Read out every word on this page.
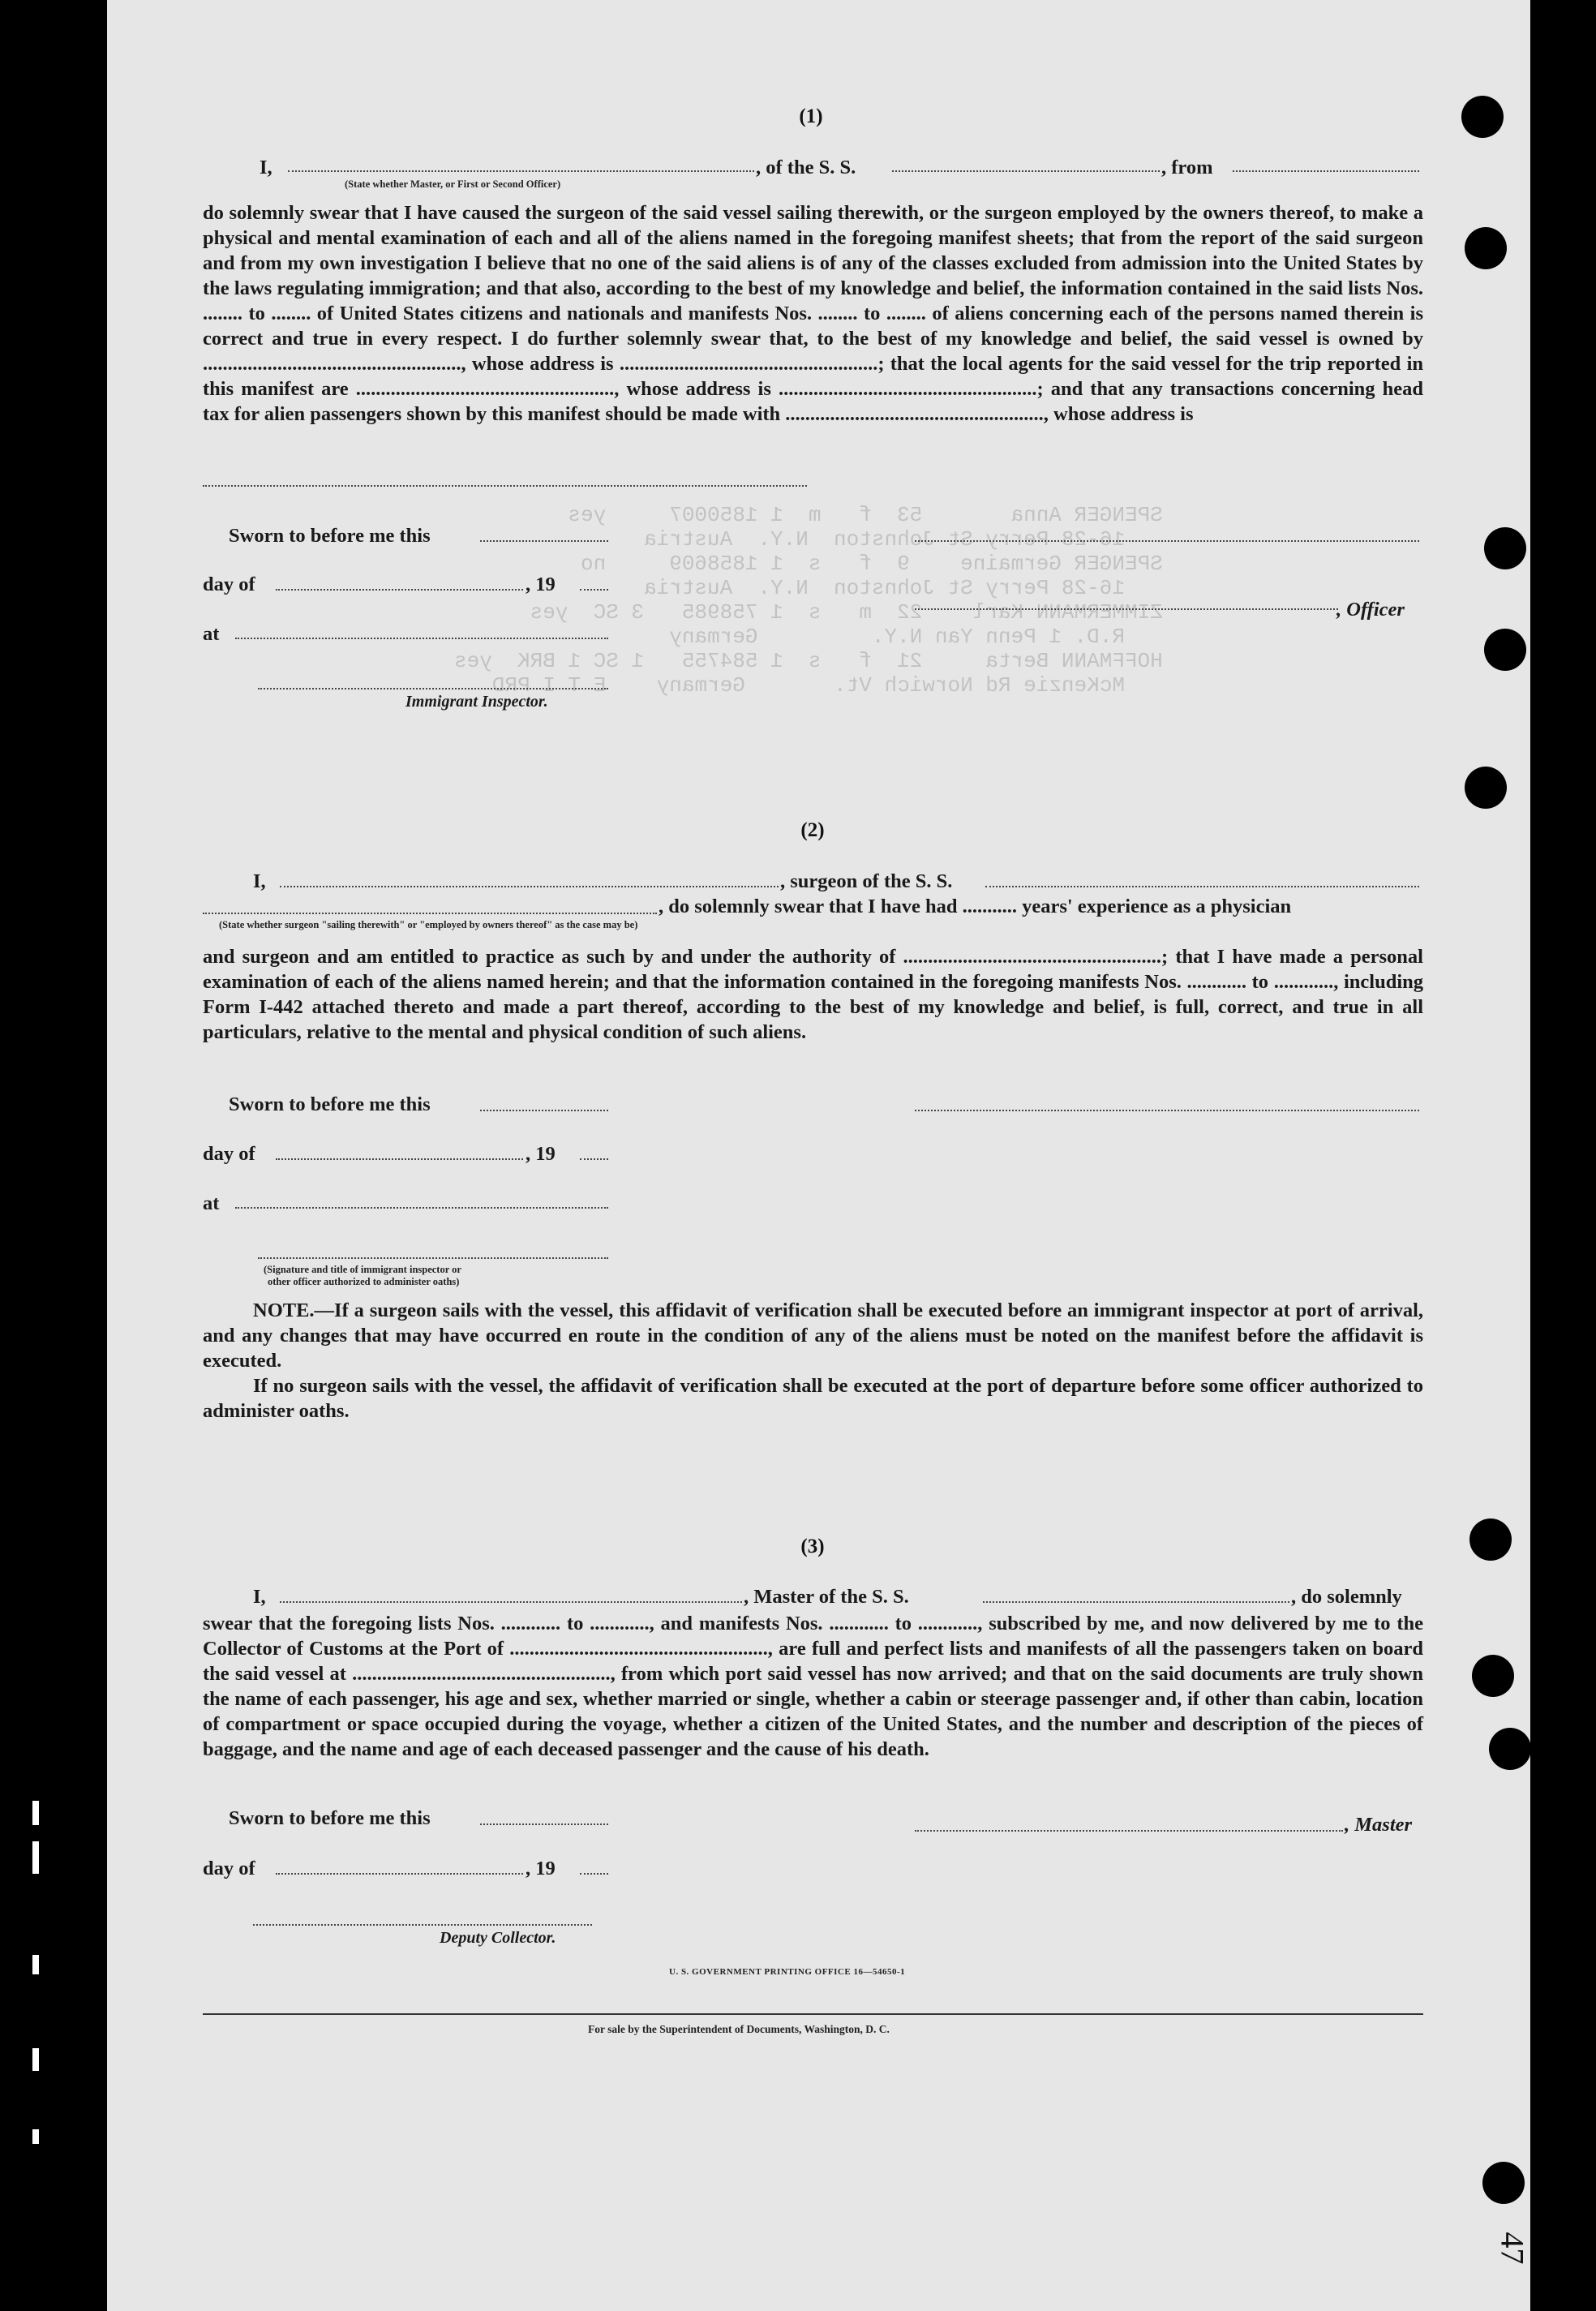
SPENGER Anna       53  f   m  1 1850007     yes
16-28 Perry St Johnston  N.Y.  Austria
SPENGER Germaine    9  f   s  1 1858609     no
16-28 Perry St Johnston  N.Y.  Austria
ZIMMERMANN Karl    22  m   s  1 758985   3 SC  yes
R.D. 1 Penn Yan N.Y.         Germany
HOFFMANN Berta     21  f   s  1 584755   1 SC 1 BRK  yes
McKenzie Rd Norwich Vt.       Germany    E T I PRD
(1)
I,	, of the S. S.	, from
(State whether Master, or First or Second Officer)

do solemnly swear that I have caused the surgeon of the said vessel sailing therewith, or the surgeon employed by the owners thereof, to make a physical and mental examination of each and all of the aliens named in the foregoing manifest sheets; that from the report of the said surgeon and from my own investigation I believe that no one of the said aliens is of any of the classes excluded from admission into the United States by the laws regulating immigration; and that also, according to the best of my knowledge and belief, the information contained in the said lists Nos. ........ to ........ of United States citizens and nationals and manifests Nos. ........ to ........ of aliens concerning each of the persons named therein is correct and true in every respect. I do further solemnly swear that, to the best of my knowledge and belief, the said vessel is owned by ...................................................., whose address is ....................................................; that the local agents for the said vessel for the trip reported in this manifest are ...................................................., whose address is ....................................................; and that any transactions concerning head tax for alien passengers shown by this manifest should be made with ...................................................., whose address is

Sworn to before me this
day of	, 19
, Officer
at
Immigrant Inspector.
(2)
I,	, surgeon of the S. S.
, do solemnly swear that I have had ........... years' experience as a physician
(State whether surgeon "sailing therewith" or "employed by owners thereof" as the case may be)

and surgeon and am entitled to practice as such by and under the authority of ....................................................; that I have made a personal examination of each of the aliens named herein; and that the information contained in the foregoing manifests Nos. ............ to ............, including Form I-442 attached thereto and made a part thereof, according to the best of my knowledge and belief, is full, correct, and true in all particulars, relative to the mental and physical condition of such aliens.

Sworn to before me this
day of	, 19
at
(Signature and title of immigrant inspector or
other officer authorized to administer oaths)

NOTE.—If a surgeon sails with the vessel, this affidavit of verification shall be executed before an immigrant inspector at port of arrival, and any changes that may have occurred en route in the condition of any of the aliens must be noted on the manifest before the affidavit is executed.

If no surgeon sails with the vessel, the affidavit of verification shall be executed at the port of departure before some officer authorized to administer oaths.

(3)
I,	, Master of the S. S.	, do solemnly

swear that the foregoing lists Nos. ............ to ............, and manifests Nos. ............ to ............, subscribed by me, and now delivered by me to the Collector of Customs at the Port of ...................................................., are full and perfect lists and manifests of all the passengers taken on board the said vessel at ...................................................., from which port said vessel has now arrived; and that on the said documents are truly shown the name of each passenger, his age and sex, whether married or single, whether a cabin or steerage passenger and, if other than cabin, location of compartment or space occupied during the voyage, whether a citizen of the United States, and the number and description of the pieces of baggage, and the name and age of each deceased passenger and the cause of his death.

Sworn to before me this	, Master
day of	, 19
Deputy Collector.
U. S. GOVERNMENT PRINTING OFFICE 16—54650-1
For sale by the Superintendent of Documents, Washington, D. C.
47
